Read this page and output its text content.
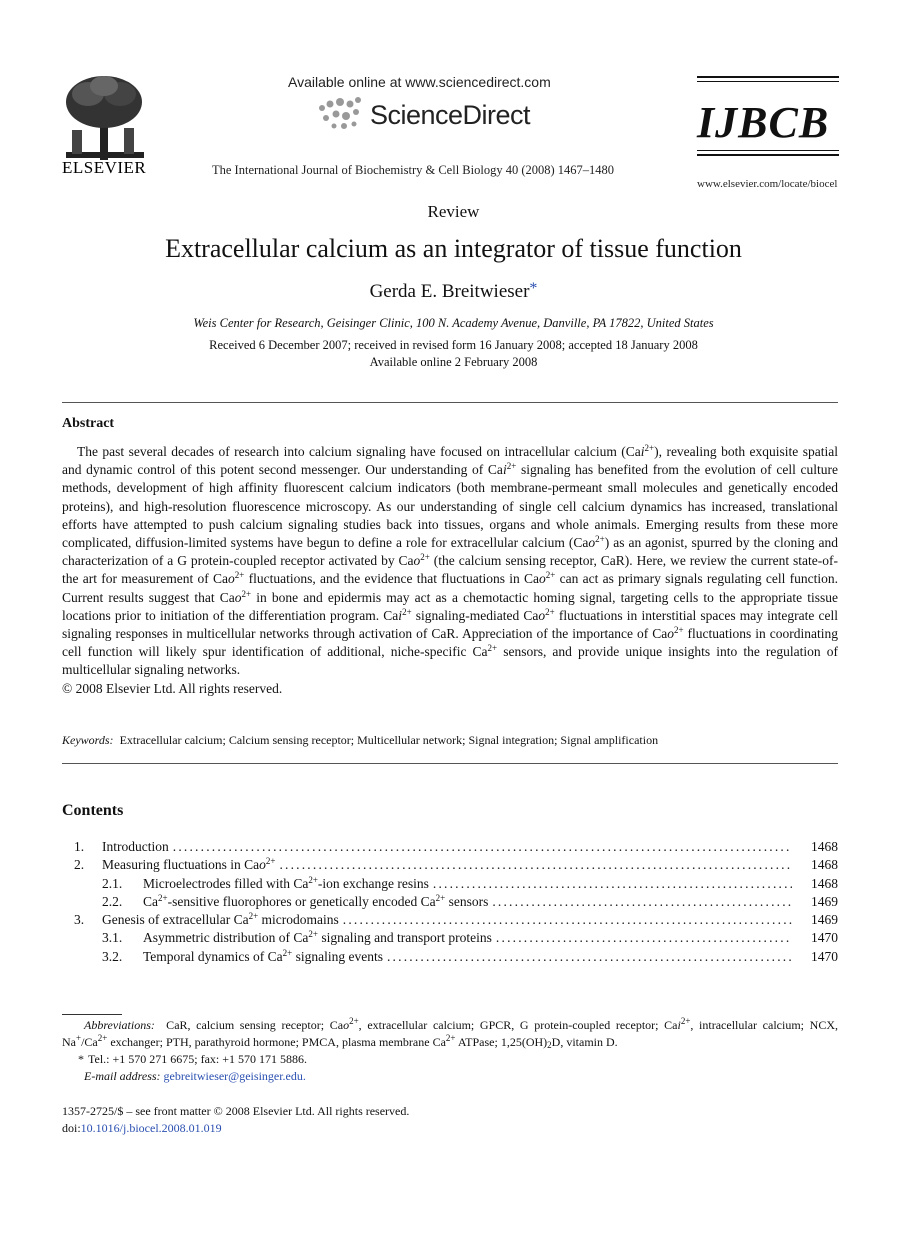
ELSEVIER
Available online at www.sciencedirect.com
ScienceDirect
The International Journal of Biochemistry & Cell Biology 40 (2008) 1467–1480
IJBCB
www.elsevier.com/locate/biocel
Review
Extracellular calcium as an integrator of tissue function
Gerda E. Breitwieser*
Weis Center for Research, Geisinger Clinic, 100 N. Academy Avenue, Danville, PA 17822, United States
Received 6 December 2007; received in revised form 16 January 2008; accepted 18 January 2008
Available online 2 February 2008
Abstract

The past several decades of research into calcium signaling have focused on intracellular calcium (Cai$^{2+}$), revealing both exquisite spatial and dynamic control of this potent second messenger. Our understanding of Cai$^{2+}$ signaling has benefited from the evolution of cell culture methods, development of high affinity fluorescent calcium indicators (both membrane-permeant small molecules and genetically encoded proteins), and high-resolution fluorescence microscopy. As our understanding of single cell calcium dynamics has increased, translational efforts have attempted to push calcium signaling studies back into tissues, organs and whole animals. Emerging results from these more complicated, diffusion-limited systems have begun to define a role for extracellular calcium (Cao$^{2+}$) as an agonist, spurred by the cloning and characterization of a G protein-coupled receptor activated by Cao$^{2+}$ (the calcium sensing receptor, CaR). Here, we review the current state-of-the art for measurement of Cao$^{2+}$ fluctuations, and the evidence that fluctuations in Cao$^{2+}$ can act as primary signals regulating cell function. Current results suggest that Cao$^{2+}$ in bone and epidermis may act as a chemotactic homing signal, targeting cells to the appropriate tissue locations prior to initiation of the differentiation program. Cai$^{2+}$ signaling-mediated Cao$^{2+}$ fluctuations in interstitial spaces may integrate cell signaling responses in multicellular networks through activation of CaR. Appreciation of the importance of Cao$^{2+}$ fluctuations in coordinating cell function will likely spur identification of additional, niche-specific $Ca^{2+}$ sensors, and provide unique insights into the regulation of multicellular signaling networks.

© 2008 Elsevier Ltd. All rights reserved.

Keywords: Extracellular calcium; Calcium sensing receptor; Multicellular network; Signal integration; Signal amplification
Contents
1. Introduction .....	1468
2. Measuring fluctuations in Cao$^{2+}$ .....	1468
2.1. Microelectrodes filled with $Ca^{2+}$-ion exchange resins .....	1468
2.2. $Ca^{2+}$-sensitive fluorophores or genetically encoded $Ca^{2+}$ sensors .....	1469
3. Genesis of extracellular $Ca^{2+}$ microdomains .....	1469
3.1. Asymmetric distribution of $Ca^{2+}$ signaling and transport proteins .....	1470
3.2. Temporal dynamics of $Ca^{2+}$ signaling events .....	1470
Abbreviations:  CaR, calcium sensing receptor; Cao$^{2+}$, extracellular calcium; GPCR, G protein-coupled receptor; Cai$^{2+}$, intracellular calcium; NCX, $Na^+/Ca^{2+}$ exchanger; PTH, parathyroid hormone; PMCA, plasma membrane $Ca^{2+}$ ATPase; $1,25(OH)_2D$, vitamin D.
* Tel.: +1 570 271 6675; fax: +1 570 171 5886.
E-mail address: gebreitwieser@geisinger.edu.
1357-2725/$ – see front matter © 2008 Elsevier Ltd. All rights reserved.
doi:10.1016/j.biocel.2008.01.019
